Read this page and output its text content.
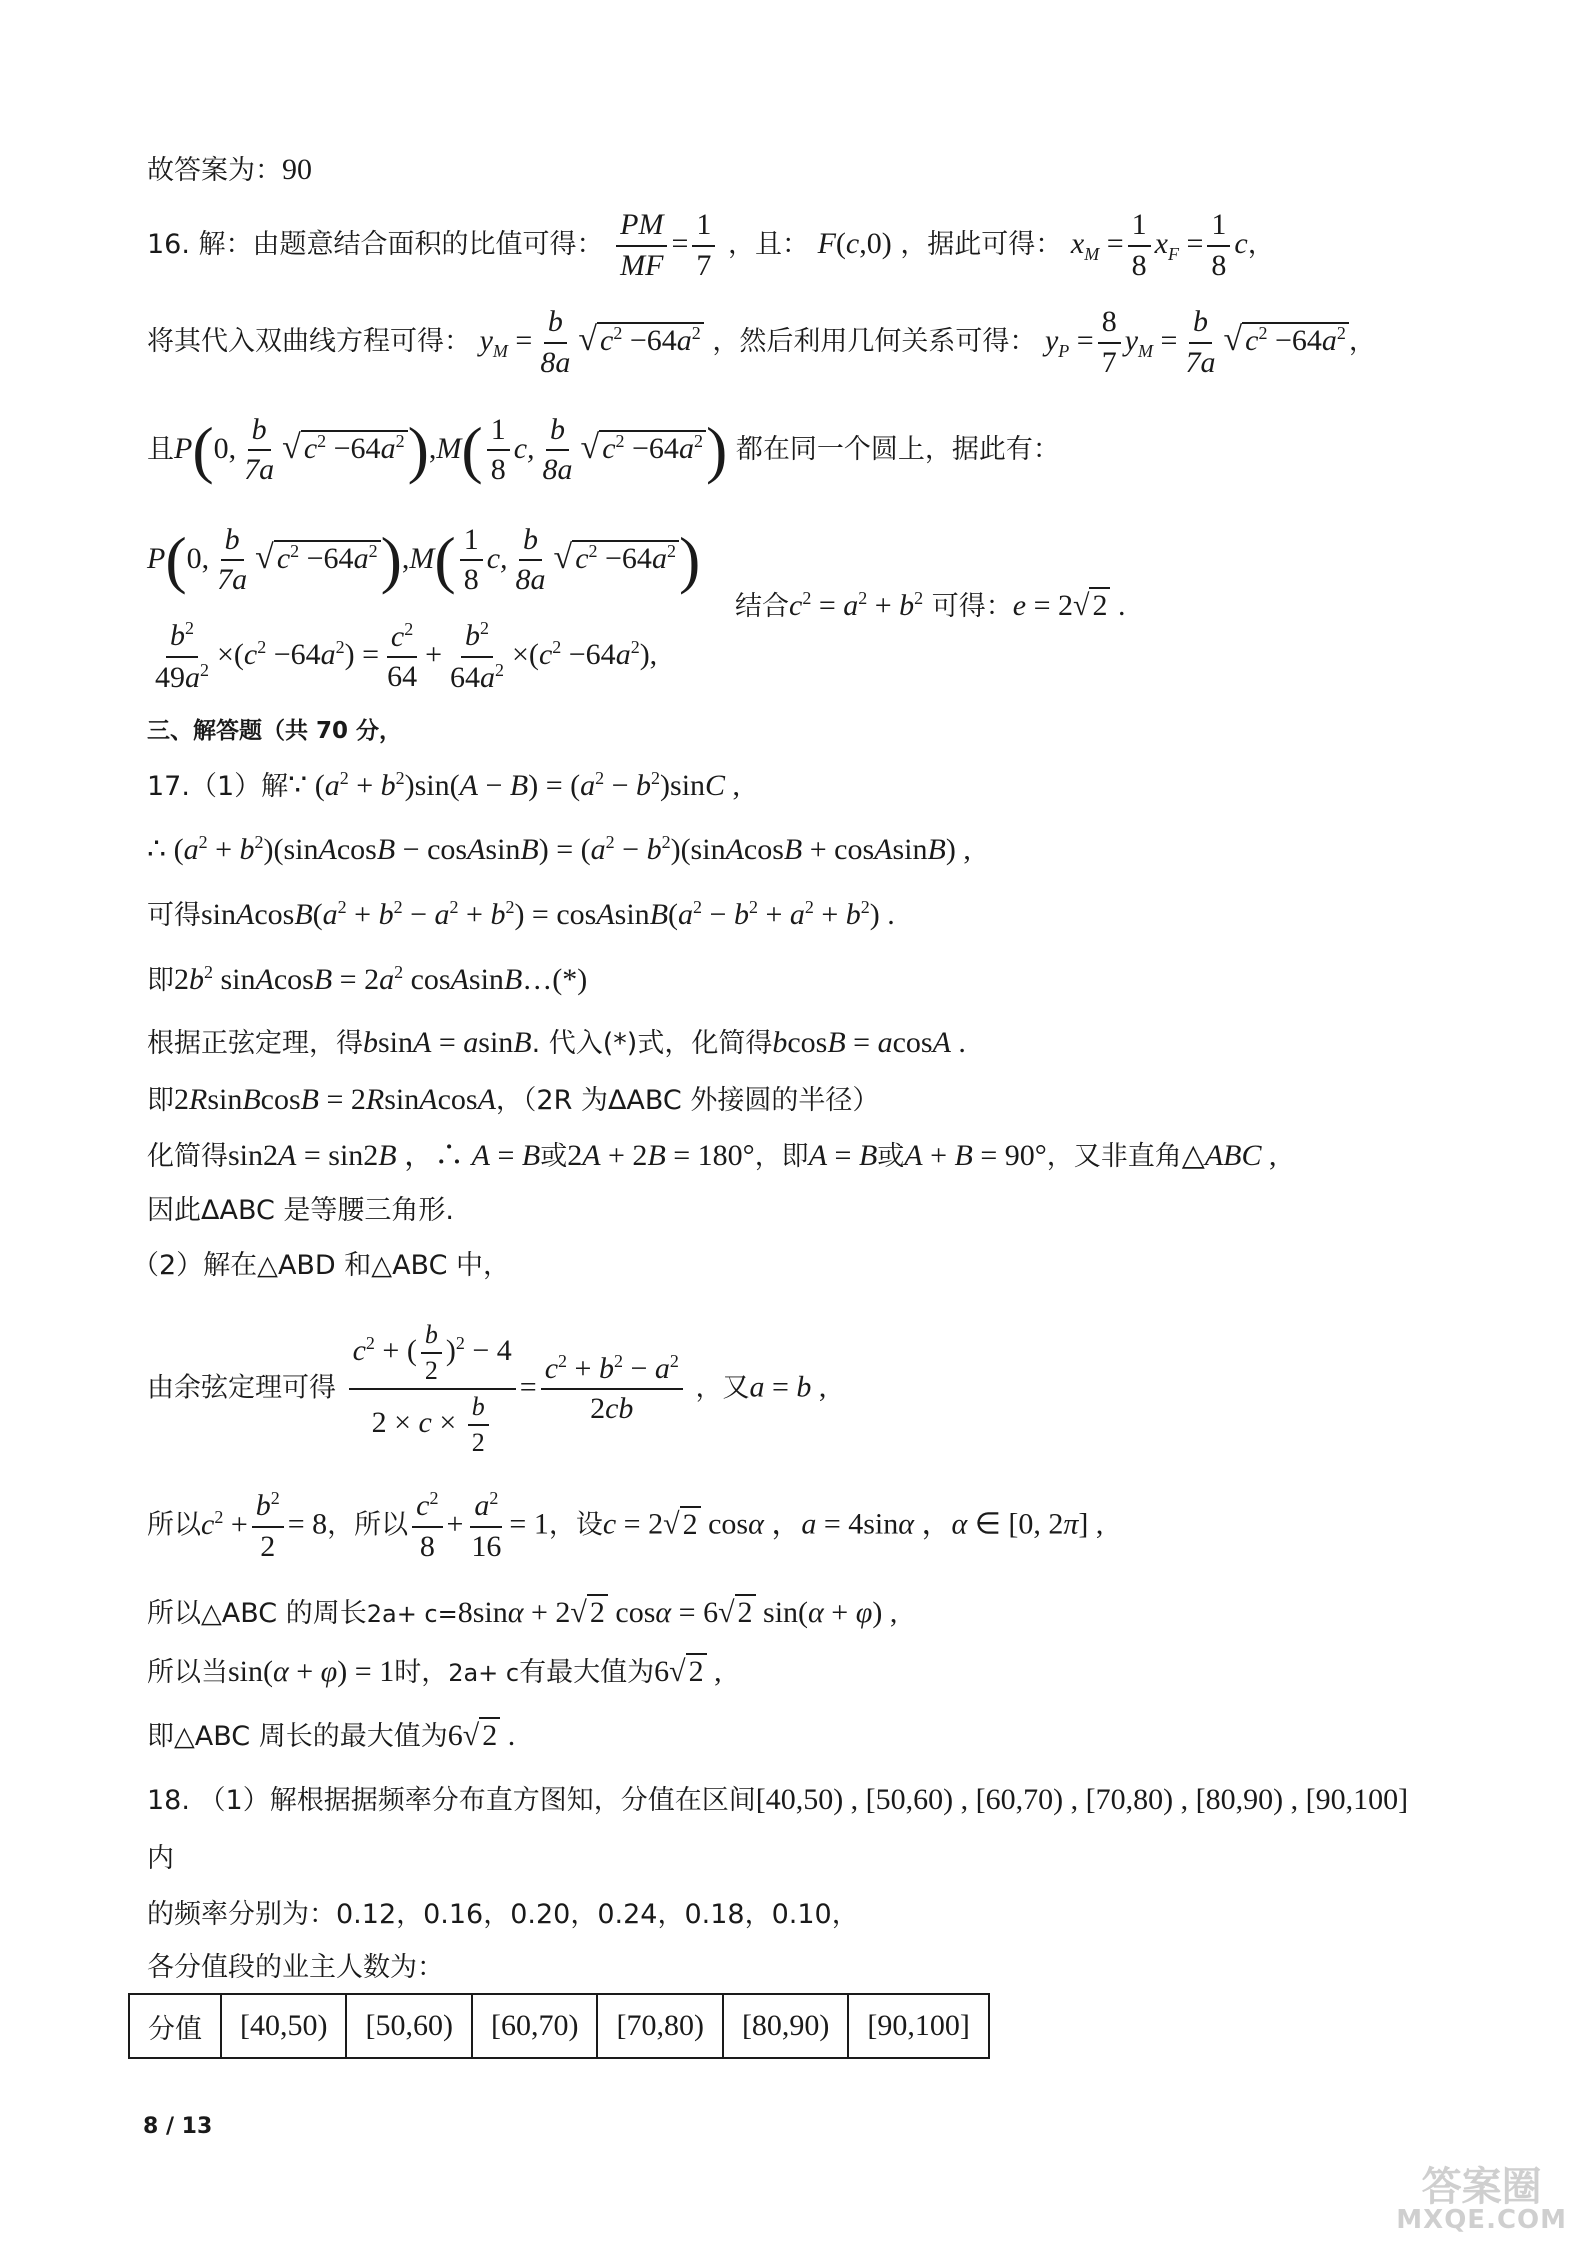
故答案为：90
16. 解：由题意结合面积的比值可得： $\frac{PM}{MF} = \frac{1}{7}$ ，且： F(c,0) ，据此可得： $x_M = \frac{1}{8} x_F = \frac{1}{8}$ c，
将其代入双曲线方程可得： $y_M = \frac{b}{8a}$ √ $c^2 -64a^2$ ，然后利用几何关系可得： $y_P = \frac{8}{7} y_M = \frac{b}{7a}$ √ $c^2 -64a^2$ ，
且P(0, $\frac{b}{7a}$ √ $c^2 -64a^2),M( \frac{1}{8} c$, $\frac{b}{8a}$ √ $c^2 -64a^2$) 都在同一个圆上，据此有：
P(0, $\frac{b}{7a}$ √ $c^2 -64a^2),M( \frac{1}{8} c$, $\frac{b}{8a}$ √ $c^2 -64a^2$)
$\frac{b^2}{49a^2} \times(c^2 -64a^2) = \frac{c^2}{64} + \frac{b^2}{64a^2} \times(c^2 -64a^2)$,
结合$c^2 = a^2 + b^2$ 可得：e = 2√ 2 .
三、解答题（共 70 分，
17.（1）解∵ $(a^2 + b^2)\sin(A - B) = (a^2 - b^2)\sin C$ ,
∴ ($a^2$ + $b^2)(sinAcosB$ − cosAsinB) = ($a^2$ − $b^2)(sinAcosB$ + cosAsinB) ,
可得$sinAcosB(a^2 + b^2 - a^2 + b^2)$ = $cosAsinB(a^2 - b^2 + a^2 + b^2)$ .
即$2b^2$ sinAcosB = $2a^2$ cosAsinB…(*)
根据正弦定理，得bsinA = asinB. 代入(*)式，化简得bcosB = acosA .
即2RsinBcosB = 2RsinAcosA，（2R 为ΔABC 外接圆的半径）
化简得sin2A = sin2B ，∴ A = B或2A + 2B = 180°，即A = B或A + B = 90°，又非直角△ABC ,
因此ΔABC 是等腰三角形.
（2）解在△ABD 和△ABC 中，
由余弦定理可得 $\frac{c^2 + ( \frac{b}{2} )^2 - 4}{2 \times c \times \frac{b}{2}} = \frac{c^2 + b^2 - a^2}{2cb}$ ，又a = b ,
所以$c^2 + \frac{b^2}{2} = 8$，所以 $\frac{c^2}{8} + \frac{a^2}{16} = 1$，设c = 2√ 2 cosα ，a = 4sinα ，α ∈ [0, 2π] ,
所以△ABC 的周长2a+ c=8sinα + 2√ 2 cosα = 6√ 2 sin(α + φ) ,
所以当sin(α + φ) = 1时，2a+ c有最大值为6√ 2 ,
即△ABC 周长的最大值为6√ 2 .
18. （1）解根据据频率分布直方图知，分值在区间[40,50) , [50,60) , [60,70) , [70,80) , [80,90) , [90,100]
内
的频率分别为：0.12，0.16，0.20，0.24，0.18，0.10，
各分值段的业主人数为：
分值	[40,50)	[50,60)	[60,70)	[70,80)	[80,90)	[90,100]
8 / 13
答案圈
MXQE.COM
